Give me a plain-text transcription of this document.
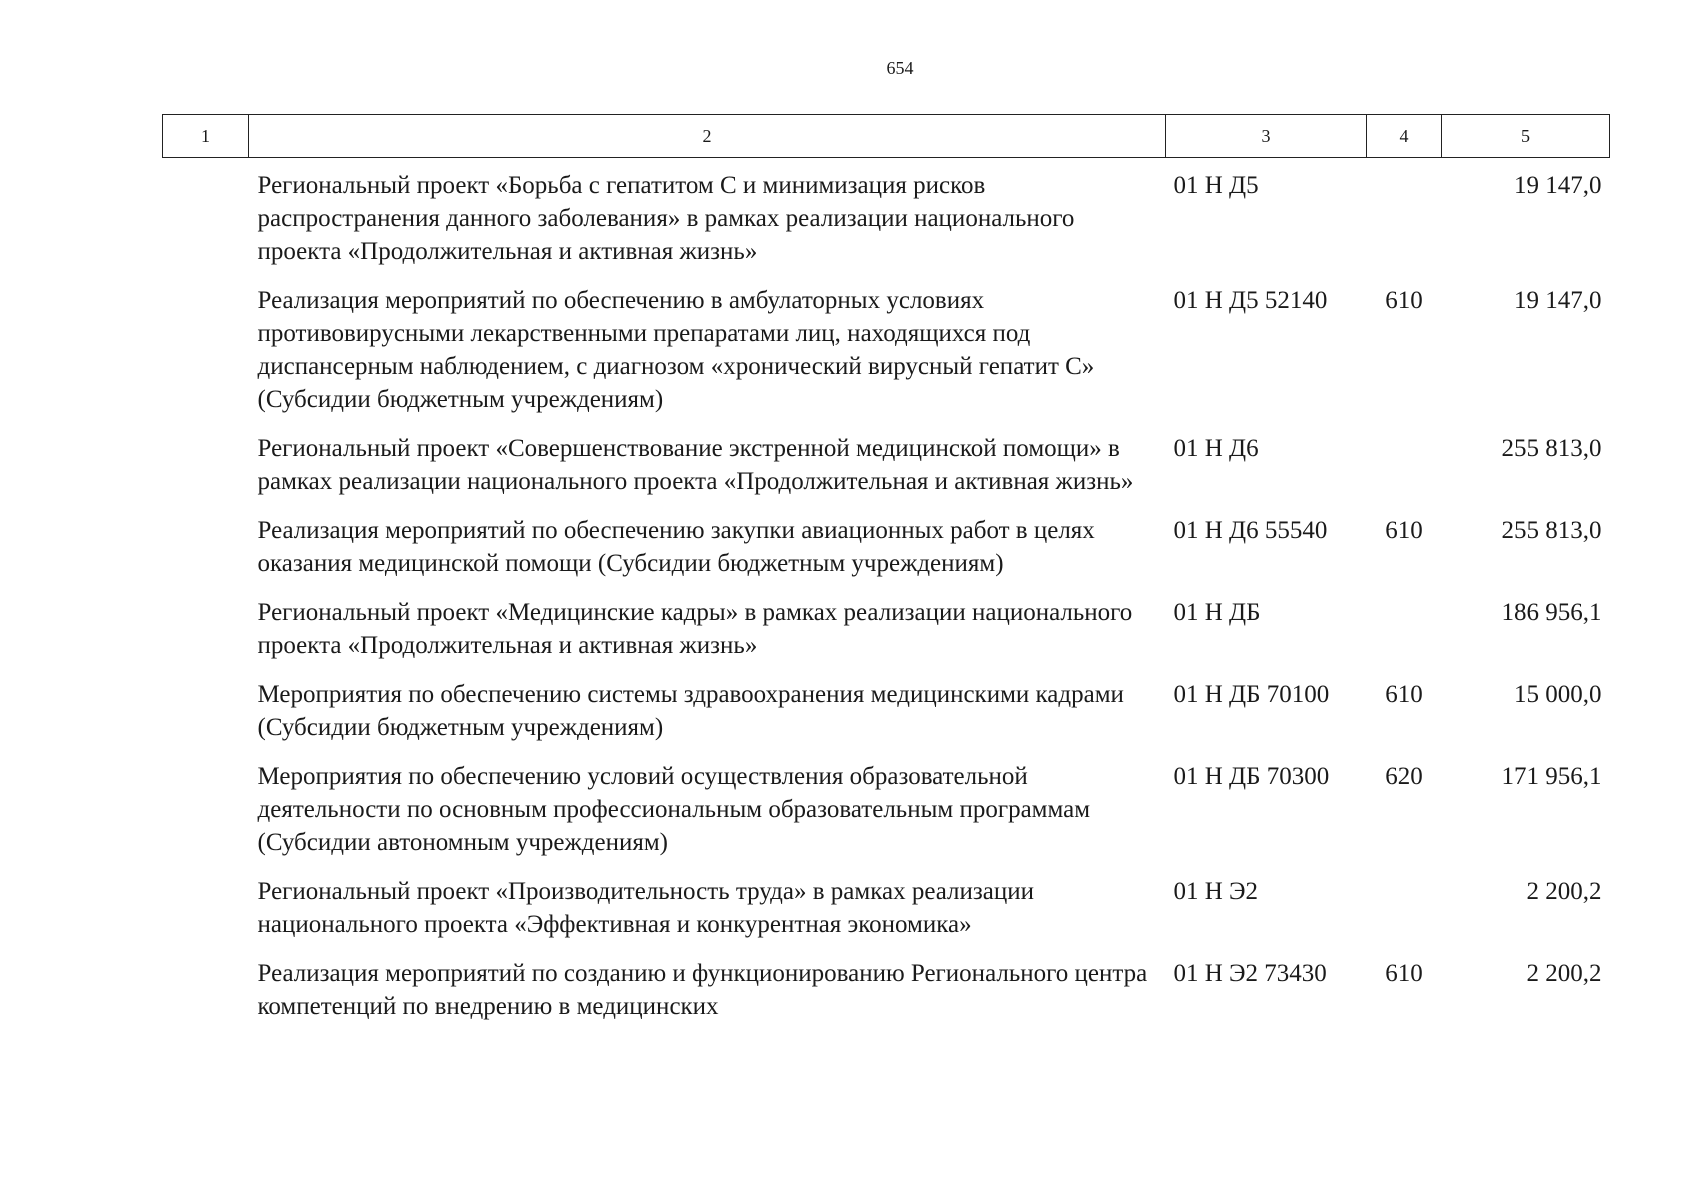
654
1	2	3	4	5
	Региональный проект «Борьба с гепатитом С и минимизация рисков распространения данного заболевания» в рамках реализации национального проекта «Продолжительная и активная жизнь»	01 Н Д5		19 147,0
	Реализация мероприятий по обеспечению в амбулаторных условиях противовирусными лекарственными препаратами лиц, находящихся под диспансерным наблюдением, с диагнозом «хронический вирусный гепатит С» (Субсидии бюджетным учреждениям)	01 Н Д5 52140	610	19 147,0
	Региональный проект «Совершенствование экстренной медицинской помощи» в рамках реализации национального проекта «Продолжительная и активная жизнь»	01 Н Д6		255 813,0
	Реализация мероприятий по обеспечению закупки авиационных работ в целях оказания медицинской помощи (Субсидии бюджетным учреждениям)	01 Н Д6 55540	610	255 813,0
	Региональный проект «Медицинские кадры» в рамках реализации национального проекта «Продолжительная и активная жизнь»	01 Н ДБ		186 956,1
	Мероприятия по обеспечению системы здравоохранения медицинскими кадрами (Субсидии бюджетным учреждениям)	01 Н ДБ 70100	610	15 000,0
	Мероприятия по обеспечению условий осуществления образовательной деятельности по основным профессиональным образовательным программам (Субсидии автономным учреждениям)	01 Н ДБ 70300	620	171 956,1
	Региональный проект «Производительность труда» в рамках реализации национального проекта «Эффективная и конкурентная экономика»	01 Н Э2		2 200,2
	Реализация мероприятий по созданию и функционированию Регионального центра компетенций по внедрению в медицинских	01 Н Э2 73430	610	2 200,2
